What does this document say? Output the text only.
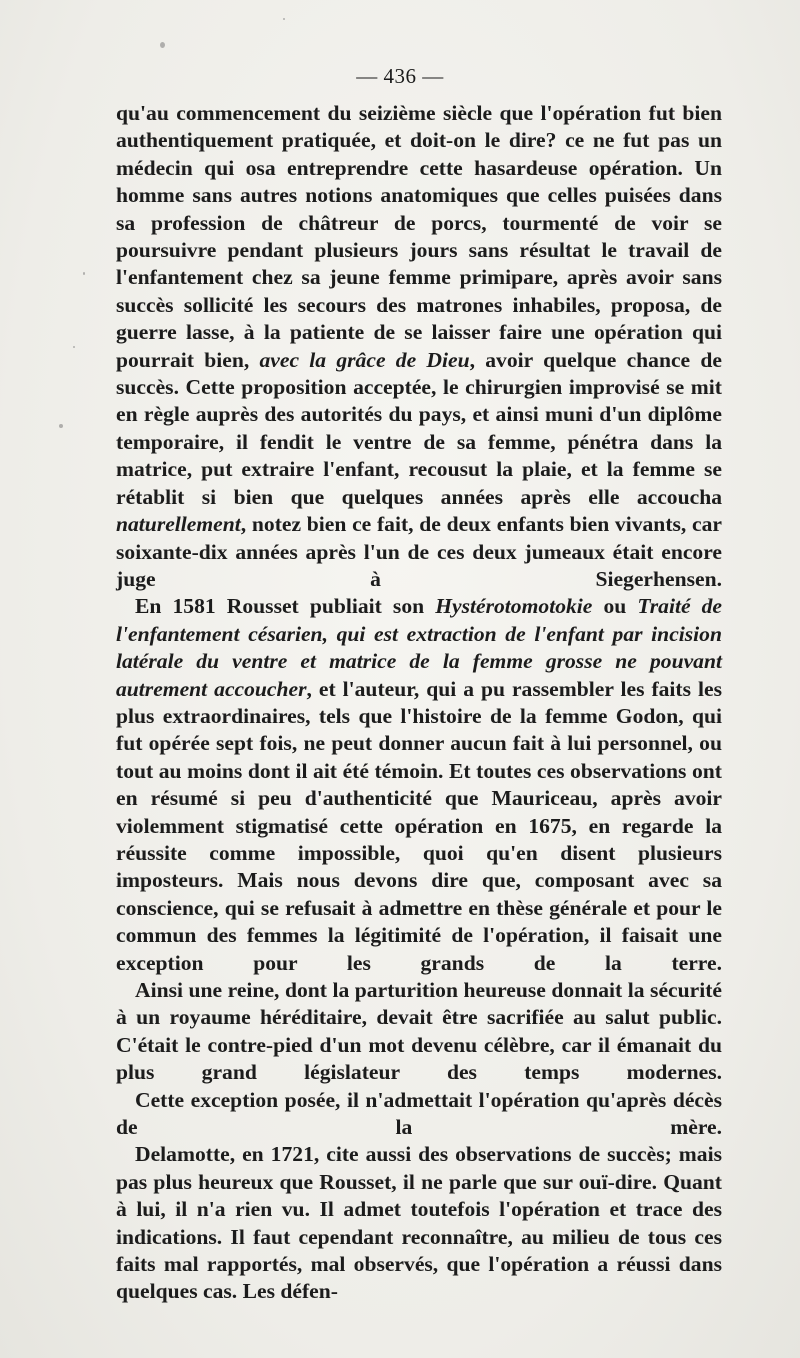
— 436 —

qu'au commencement du seizième siècle que l'opération fut bien authentiquement pratiquée, et doit-on le dire? ce ne fut pas un médecin qui osa entreprendre cette hasardeuse opération. Un homme sans autres notions anatomiques que celles puisées dans sa profession de châtreur de porcs, tourmenté de voir se poursuivre pendant plusieurs jours sans résultat le travail de l'enfantement chez sa jeune femme primipare, après avoir sans succès sollicité les secours des matrones inhabiles, proposa, de guerre lasse, à la patiente de se laisser faire une opération qui pourrait bien, avec la grâce de Dieu, avoir quelque chance de succès. Cette proposition acceptée, le chirurgien improvisé se mit en règle auprès des autorités du pays, et ainsi muni d'un diplôme temporaire, il fendit le ventre de sa femme, pénétra dans la matrice, put extraire l'enfant, recousut la plaie, et la femme se rétablit si bien que quelques années après elle accoucha naturellement, notez bien ce fait, de deux enfants bien vivants, car soixante-dix années après l'un de ces deux jumeaux était encore juge à Siegerhensen.

En 1581 Rousset publiait son Hystérotomotokie ou Traité de l'enfantement césarien, qui est extraction de l'enfant par incision latérale du ventre et matrice de la femme grosse ne pouvant autrement accoucher, et l'auteur, qui a pu rassembler les faits les plus extraordinaires, tels que l'histoire de la femme Godon, qui fut opérée sept fois, ne peut donner aucun fait à lui personnel, ou tout au moins dont il ait été témoin. Et toutes ces observations ont en résumé si peu d'authenticité que Mauriceau, après avoir violemment stigmatisé cette opération en 1675, en regarde la réussite comme impossible, quoi qu'en disent plusieurs imposteurs. Mais nous devons dire que, composant avec sa conscience, qui se refusait à admettre en thèse générale et pour le commun des femmes la légitimité de l'opération, il faisait une exception pour les grands de la terre.

Ainsi une reine, dont la parturition heureuse donnait la sécurité à un royaume héréditaire, devait être sacrifiée au salut public. C'était le contre-pied d'un mot devenu célèbre, car il émanait du plus grand législateur des temps modernes.

Cette exception posée, il n'admettait l'opération qu'après décès de la mère.

Delamotte, en 1721, cite aussi des observations de succès; mais pas plus heureux que Rousset, il ne parle que sur ouï-dire. Quant à lui, il n'a rien vu. Il admet toutefois l'opération et trace des indications. Il faut cependant reconnaître, au milieu de tous ces faits mal rapportés, mal observés, que l'opération a réussi dans quelques cas. Les défen-
